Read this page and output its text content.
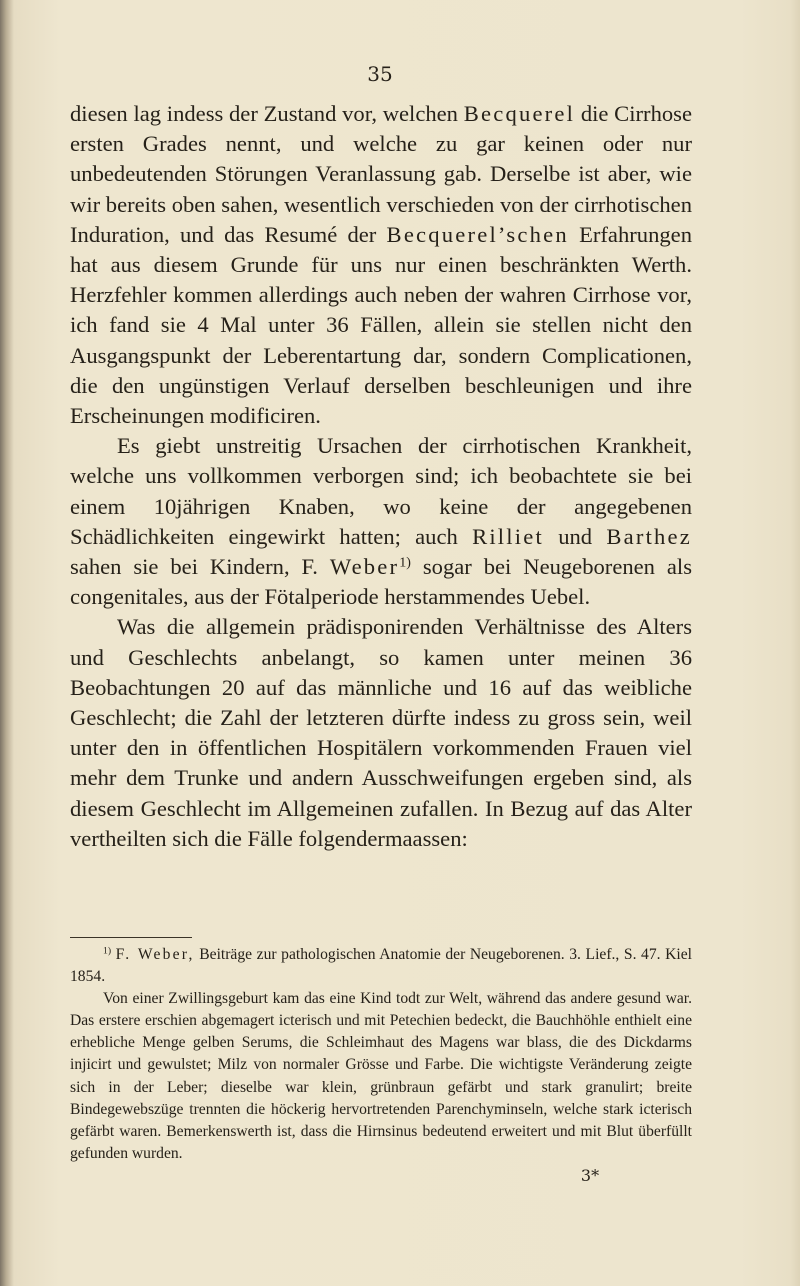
35

diesen lag indess der Zustand vor, welchen Becquerel die Cirrhose ersten Grades nennt, und welche zu gar keinen oder nur unbedeutenden Störungen Veranlassung gab. Derselbe ist aber, wie wir bereits oben sahen, wesentlich verschieden von der cirrhotischen Induration, und das Resumé der Becquerel’schen Erfahrungen hat aus diesem Grunde für uns nur einen beschränkten Werth. Herzfehler kommen allerdings auch neben der wahren Cirrhose vor, ich fand sie 4 Mal unter 36 Fällen, allein sie stellen nicht den Ausgangspunkt der Leberentartung dar, sondern Complicationen, die den ungünstigen Verlauf derselben beschleunigen und ihre Erscheinungen modificiren.

Es giebt unstreitig Ursachen der cirrhotischen Krankheit, welche uns vollkommen verborgen sind; ich beobachtete sie bei einem 10jährigen Knaben, wo keine der angegebenen Schädlichkeiten eingewirkt hatten; auch Rilliet und Barthez sahen sie bei Kindern, F. Weber$^{1)}$ sogar bei Neugeborenen als congenitales, aus der Fötalperiode herstammendes Uebel.

Was die allgemein prädisponirenden Verhältnisse des Alters und Geschlechts anbelangt, so kamen unter meinen 36 Beobachtungen 20 auf das männliche und 16 auf das weibliche Geschlecht; die Zahl der letzteren dürfte indess zu gross sein, weil unter den in öffentlichen Hospitälern vorkommenden Frauen viel mehr dem Trunke und andern Ausschweifungen ergeben sind, als diesem Geschlecht im Allgemeinen zufallen. In Bezug auf das Alter vertheilten sich die Fälle folgendermaassen:

$^{1)}$ F. Weber, Beiträge zur pathologischen Anatomie der Neugeborenen. 3. Lief., S. 47. Kiel 1854.

Von einer Zwillingsgeburt kam das eine Kind todt zur Welt, während das andere gesund war. Das erstere erschien abgemagert icterisch und mit Petechien bedeckt, die Bauchhöhle enthielt eine erhebliche Menge gelben Serums, die Schleimhaut des Magens war blass, die des Dickdarms injicirt und gewulstet; Milz von normaler Grösse und Farbe. Die wichtigste Veränderung zeigte sich in der Leber; dieselbe war klein, grünbraun gefärbt und stark granulirt; breite Bindegewebszüge trennten die höckerig hervortretenden Parenchyminseln, welche stark icterisch gefärbt waren. Bemerkenswerth ist, dass die Hirnsinus bedeutend erweitert und mit Blut überfüllt gefunden wurden.

3*
